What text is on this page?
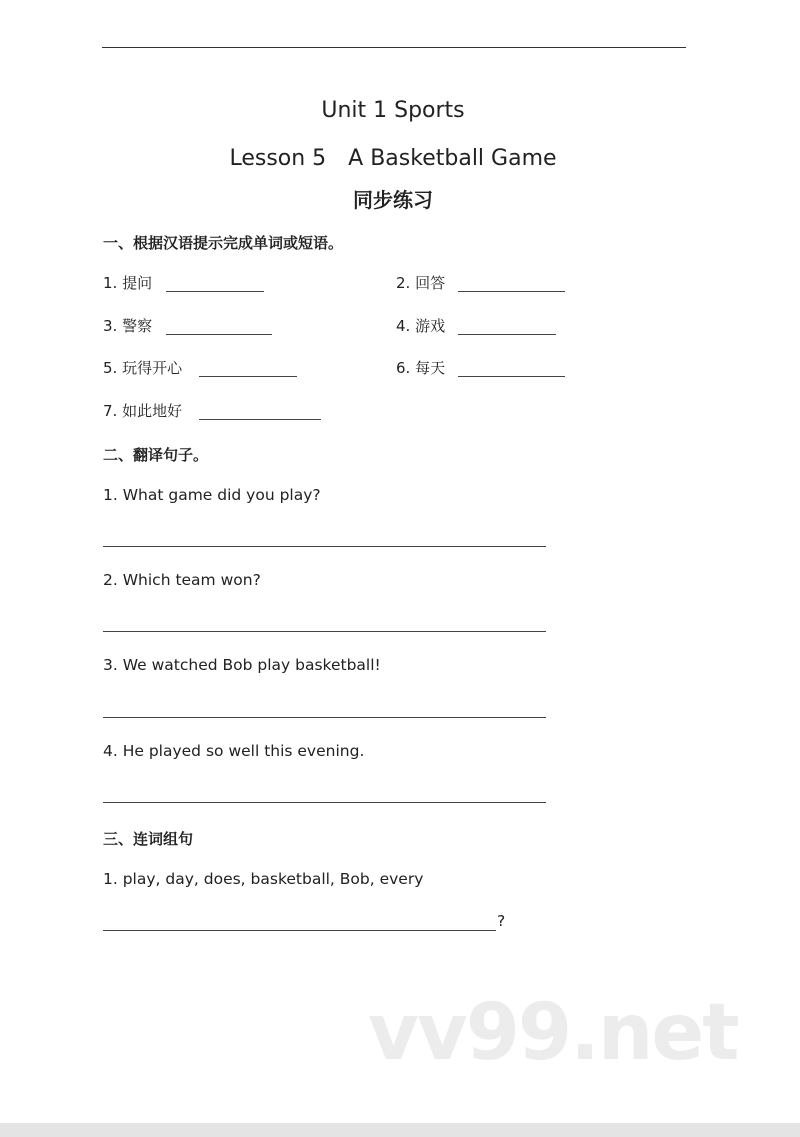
Unit 1 Sports
Lesson 5　A Basketball Game
同步练习
一、根据汉语提示完成单词或短语。
1. 提问	2. 回答
3. 警察	4. 游戏
5. 玩得开心	6. 每天
7. 如此地好
二、翻译句子。
1. What game did you play?
2. Which team won?
3. We watched Bob play basketball!
4. He played so well this evening.
三、连词组句
1. play, day, does, basketball, Bob, every
?
vv99.net
